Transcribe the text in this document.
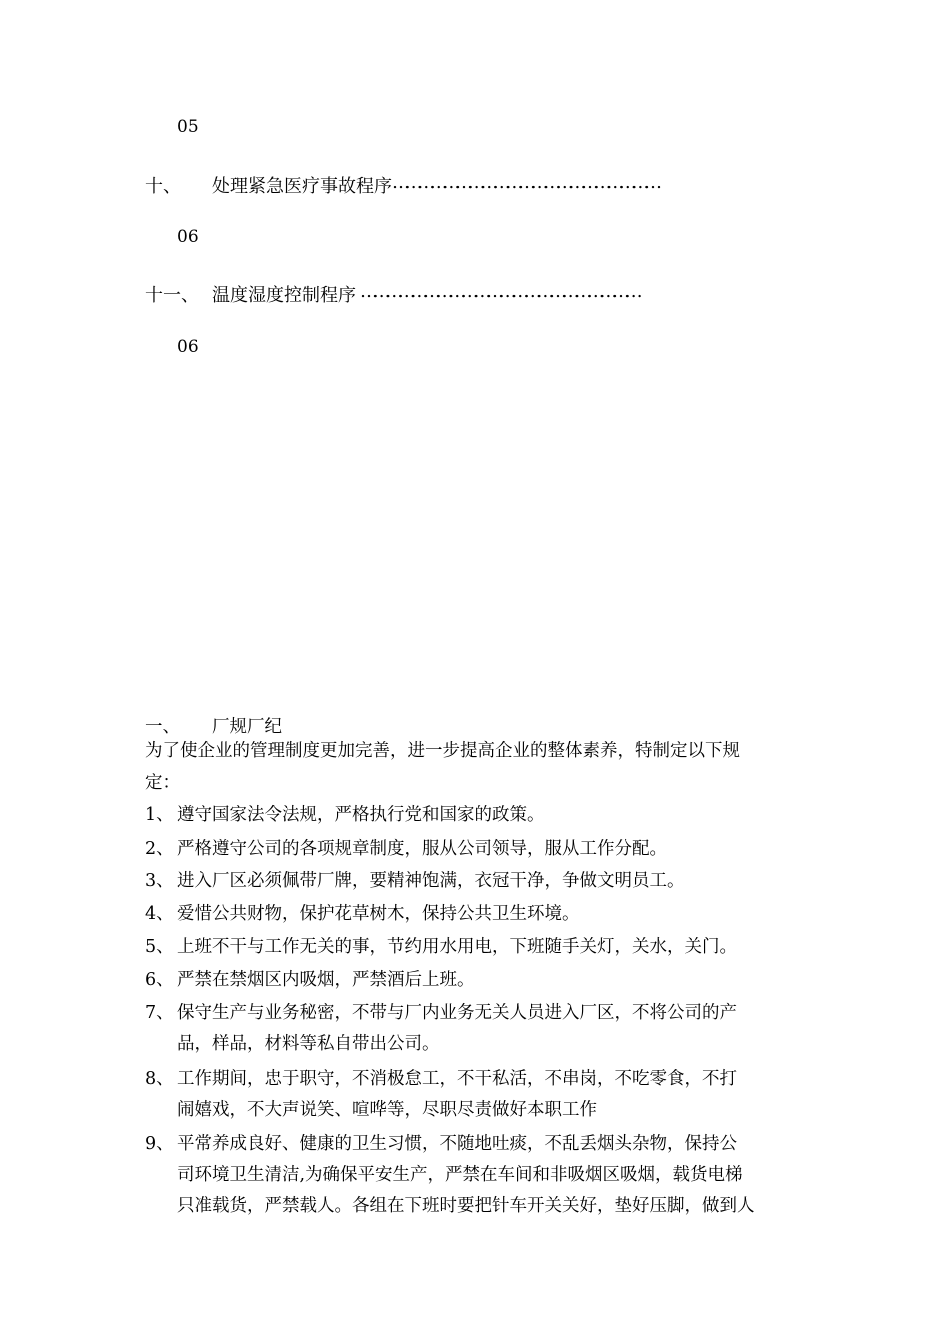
05
十、 处理紧急医疗事故程序 ………………………………………………………
06
十一、 温度湿度控制程序 …………………………………………………………
06
一、 厂规厂纪
为了使企业的管理制度更加完善，进一步提高企业的整体素养，特制定以下规
定：
1、 遵守国家法令法规，严格执行党和国家的政策。
2、 严格遵守公司的各项规章制度，服从公司领导，服从工作分配。
3、 进入厂区必须佩带厂牌，要精神饱满，衣冠干净，争做文明员工。
4、 爱惜公共财物，保护花草树木，保持公共卫生环境。
5、 上班不干与工作无关的事，节约用水用电，下班随手关灯，关水，关门。
6、 严禁在禁烟区内吸烟，严禁酒后上班。
7、 保守生产与业务秘密，不带与厂内业务无关人员进入厂区，不将公司的产
品，样品，材料等私自带出公司。
8、 工作期间，忠于职守，不消极怠工，不干私活，不串岗，不吃零食，不打
闹嬉戏，不大声说笑、喧哗等，尽职尽责做好本职工作
9、 平常养成良好、健康的卫生习惯，不随地吐痰，不乱丢烟头杂物，保持公
司环境卫生清洁,为确保平安生产，严禁在车间和非吸烟区吸烟，载货电梯
只准载货，严禁载人。各组在下班时要把针车开关关好，垫好压脚，做到人
